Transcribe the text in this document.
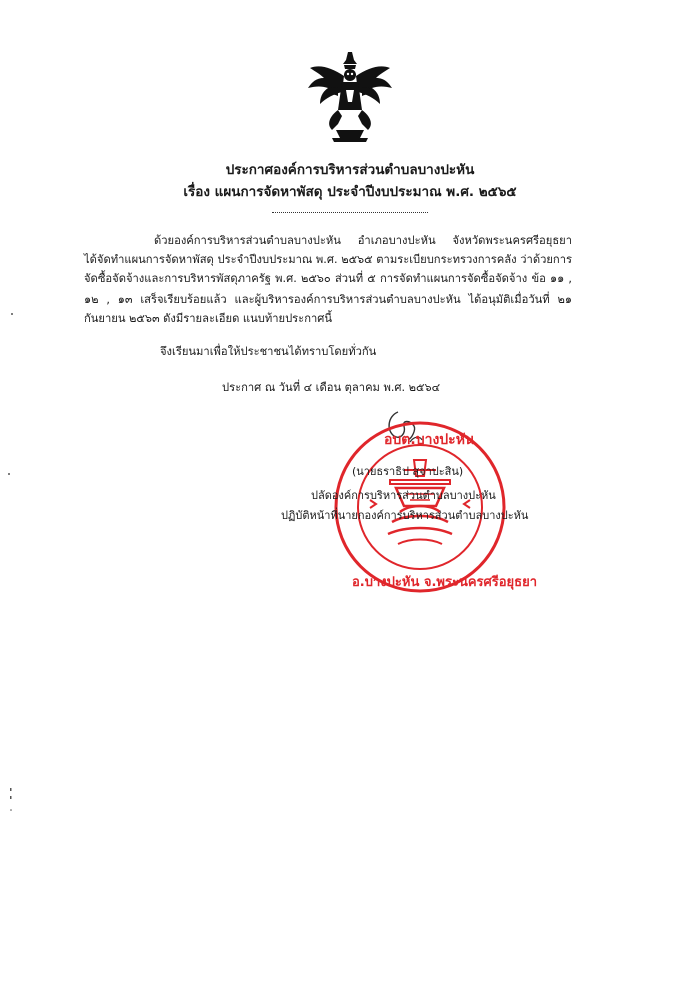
ประกาศองค์การบริหารส่วนตำบลบางปะหัน
เรื่อง แผนการจัดหาพัสดุ ประจำปีงบประมาณ พ.ศ. ๒๕๖๕
ด้วยองค์การบริหารส่วนตำบลบางปะหัน อำเภอบางปะหัน จังหวัดพระนครศรีอยุธยา
ได้จัดทำแผนการจัดหาพัสดุ ประจำปีงบประมาณ พ.ศ. ๒๕๖๕ ตามระเบียบกระทรวงการคลัง ว่าด้วยการ
จัดซื้อจัดจ้างและการบริหารพัสดุภาครัฐ พ.ศ. ๒๕๖๐ ส่วนที่ ๕ การจัดทำแผนการจัดซื้อจัดจ้าง ข้อ ๑๑ ,
๑๒ , ๑๓ เสร็จเรียบร้อยแล้ว และผู้บริหารองค์การบริหารส่วนตำบลบางปะหัน ได้อนุมัติเมื่อวันที่ ๒๑
กันยายน ๒๕๖๓ ดังมีรายละเอียด แนบท้ายประกาศนี้
จึงเรียนมาเพื่อให้ประชาชนได้ทราบโดยทั่วกัน
ประกาศ ณ วันที่ ๔ เดือน ตุลาคม พ.ศ. ๒๕๖๔
อบต.บางปะหัน
อ.บางปะหัน จ.พระนครศรีอยุธยา
(นายธราธิป สุจาปะสิน)
ปลัดองค์การบริหารส่วนตำบลบางปะหัน
ปฏิบัติหน้าที่นายกองค์การบริหารส่วนตำบลบางปะหัน
